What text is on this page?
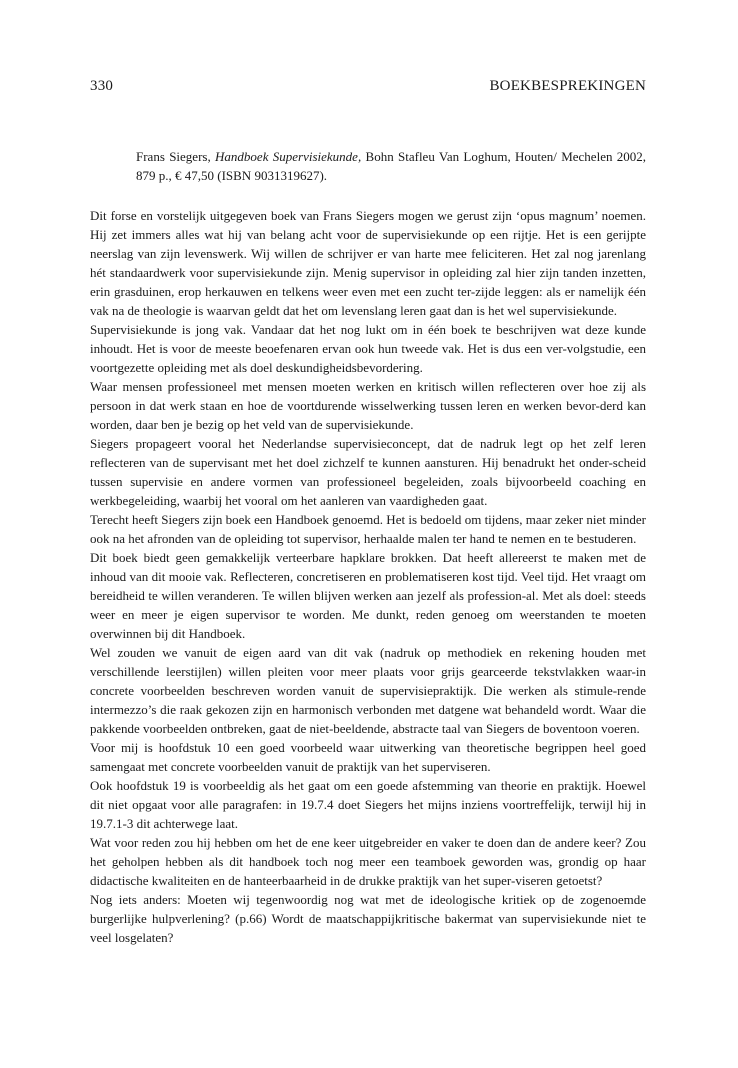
330	BOEKBESPREKINGEN
Frans Siegers, Handboek Supervisiekunde, Bohn Stafleu Van Loghum, Houten/ Mechelen 2002, 879 p., € 47,50 (ISBN 9031319627).

Dit forse en vorstelijk uitgegeven boek van Frans Siegers mogen we gerust zijn ‘opus magnum’ noemen. Hij zet immers alles wat hij van belang acht voor de supervisiekunde op een rijtje. Het is een gerijpte neerslag van zijn levenswerk. Wij willen de schrijver er van harte mee feliciteren. Het zal nog jarenlang hét standaardwerk voor supervisiekunde zijn. Menig supervisor in opleiding zal hier zijn tanden inzetten, erin grasduinen, erop herkauwen en telkens weer even met een zucht ter-zijde leggen: als er namelijk één vak na de theologie is waarvan geldt dat het om levenslang leren gaat dan is het wel supervisiekunde.

Supervisiekunde is jong vak. Vandaar dat het nog lukt om in één boek te beschrijven wat deze kunde inhoudt. Het is voor de meeste beoefenaren ervan ook hun tweede vak. Het is dus een ver-volgstudie, een voortgezette opleiding met als doel deskundigheidsbevordering.

Waar mensen professioneel met mensen moeten werken en kritisch willen reflecteren over hoe zij als persoon in dat werk staan en hoe de voortdurende wisselwerking tussen leren en werken bevor-derd kan worden, daar ben je bezig op het veld van de supervisiekunde.

Siegers propageert vooral het Nederlandse supervisieconcept, dat de nadruk legt op het zelf leren reflecteren van de supervisant met het doel zichzelf te kunnen aansturen. Hij benadrukt het onder-scheid tussen supervisie en andere vormen van professioneel begeleiden, zoals bijvoorbeeld coaching en werkbegeleiding, waarbij het vooral om het aanleren van vaardigheden gaat.

Terecht heeft Siegers zijn boek een Handboek genoemd. Het is bedoeld om tijdens, maar zeker niet minder ook na het afronden van de opleiding tot supervisor, herhaalde malen ter hand te nemen en te bestuderen.

Dit boek biedt geen gemakkelijk verteerbare hapklare brokken. Dat heeft allereerst te maken met de inhoud van dit mooie vak. Reflecteren, concretiseren en problematiseren kost tijd. Veel tijd. Het vraagt om bereidheid te willen veranderen. Te willen blijven werken aan jezelf als profession-al. Met als doel: steeds weer en meer je eigen supervisor te worden. Me dunkt, reden genoeg om weerstanden te moeten overwinnen bij dit Handboek.

Wel zouden we vanuit de eigen aard van dit vak (nadruk op methodiek en rekening houden met verschillende leerstijlen) willen pleiten voor meer plaats voor grijs gearceerde tekstvlakken waar-in concrete voorbeelden beschreven worden vanuit de supervisiepraktijk. Die werken als stimule-rende intermezzo’s die raak gekozen zijn en harmonisch verbonden met datgene wat behandeld wordt. Waar die pakkende voorbeelden ontbreken, gaat de niet-beeldende, abstracte taal van Siegers de boventoon voeren.

Voor mij is hoofdstuk 10 een goed voorbeeld waar uitwerking van theoretische begrippen heel goed samengaat met concrete voorbeelden vanuit de praktijk van het superviseren.

Ook hoofdstuk 19 is voorbeeldig als het gaat om een goede afstemming van theorie en praktijk. Hoewel dit niet opgaat voor alle paragrafen: in 19.7.4 doet Siegers het mijns inziens voortreffelijk, terwijl hij in 19.7.1-3 dit achterwege laat.

Wat voor reden zou hij hebben om het de ene keer uitgebreider en vaker te doen dan de andere keer? Zou het geholpen hebben als dit handboek toch nog meer een teamboek geworden was, grondig op haar didactische kwaliteiten en de hanteerbaarheid in de drukke praktijk van het super-viseren getoetst?

Nog iets anders: Moeten wij tegenwoordig nog wat met de ideologische kritiek op de zogenoemde burgerlijke hulpverlening? (p.66) Wordt de maatschappijkritische bakermat van supervisiekunde niet te veel losgelaten?
